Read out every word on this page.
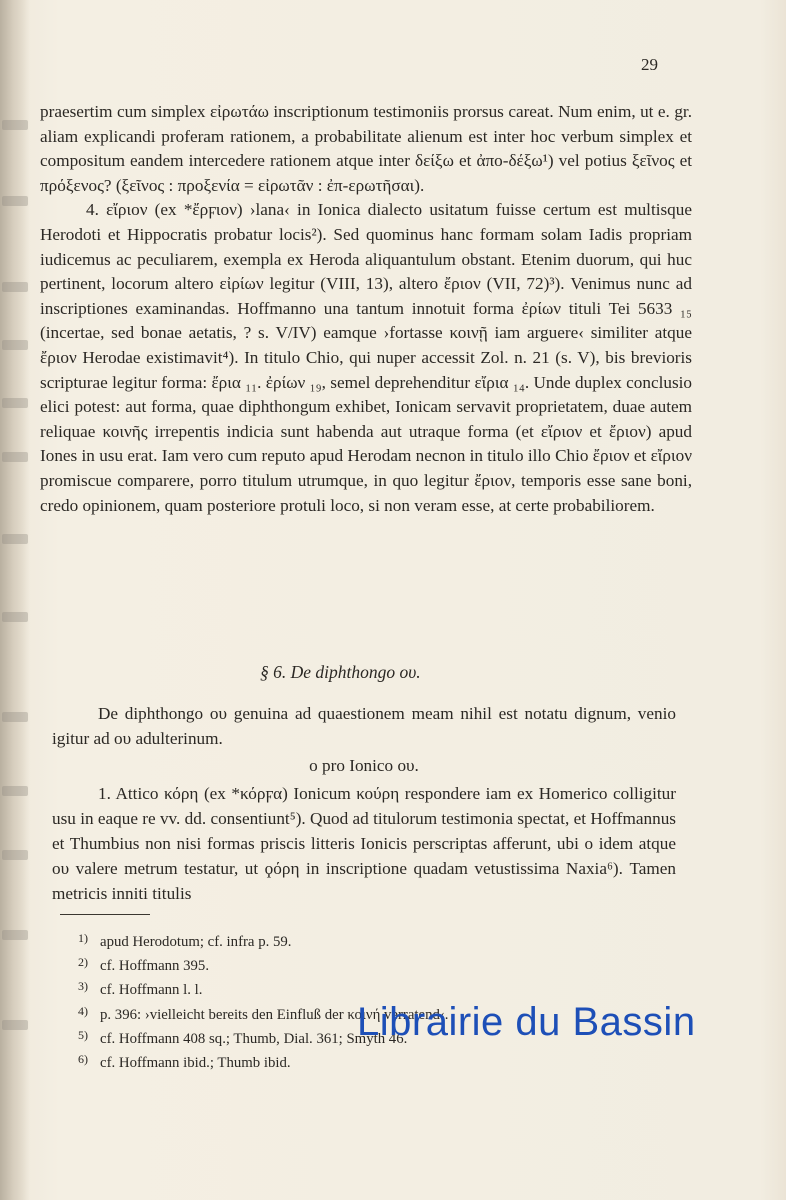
29

praesertim cum simplex εἰρωτάω inscriptionum testimoniis prorsus careat. Num enim, ut e. gr. aliam explicandi proferam rationem, a probabilitate alienum est inter hoc verbum simplex et compositum eandem intercedere rationem atque inter δείξω et ἀπο-δέξω¹) vel potius ξεῖνος et πρόξενος? (ξεῖνος : προξενία = εἰρωτᾶν : ἐπ-ερωτῆσαι).

4. εἴριον (ex *ἔρϝιον) ›lana‹ in Ionica dialecto usitatum fuisse certum est multisque Herodoti et Hippocratis probatur locis²). Sed quominus hanc formam solam Iadis propriam iudicemus ac peculiarem, exempla ex Heroda aliquantulum obstant. Etenim duorum, qui huc pertinent, locorum altero εἰρίων legitur (VIII, 13), altero ἔριον (VII, 72)³). Venimus nunc ad inscriptiones examinandas. Hoffmanno una tantum innotuit forma ἐρίων tituli Tei 5633 ₁₅ (incertae, sed bonae aetatis, ? s. V/IV) eamque ›fortasse κοινῇ iam arguere‹ similiter atque ἔριον Herodae existimavit⁴). In titulo Chio, qui nuper accessit Zol. n. 21 (s. V), bis brevioris scripturae legitur forma: ἔρια ₁₁. ἐρίων ₁₉, semel deprehenditur εἴρια ₁₄. Unde duplex conclusio elici potest: aut forma, quae diphthongum exhibet, Ionicam servavit proprietatem, duae autem reliquae κοινῆς irrepentis indicia sunt habenda aut utraque forma (et εἴριον et ἔριον) apud Iones in usu erat. Iam vero cum reputo apud Herodam necnon in titulo illo Chio ἔριον et εἴριον promiscue comparere, porro titulum utrumque, in quo legitur ἔριον, temporis esse sane boni, credo opinionem, quam posteriore protuli loco, si non veram esse, at certe probabiliorem.

§ 6. De diphthongo ου.

De diphthongo ου genuina ad quaestionem meam nihil est notatu dignum, venio igitur ad ου adulterinum.

ο pro Ionico ου.

1. Attico κόρη (ex *κόρϝα) Ionicum κούρη respondere iam ex Homerico colligitur usu in eaque re vv. dd. consentiunt⁵). Quod ad titulorum testimonia spectat, et Hoffmannus et Thumbius non nisi formas priscis litteris Ionicis perscriptas afferunt, ubi ο idem atque ου valere metrum testatur, ut ϙόρη in inscriptione quadam vetustissima Naxia⁶). Tamen metricis inniti titulis

1) apud Herodotum; cf. infra p. 59.
2) cf. Hoffmann 395.
3) cf. Hoffmann l. l.
4) p. 396: ›vielleicht bereits den Einfluß der κοινή verratend‹.
5) cf. Hoffmann 408 sq.; Thumb, Dial. 361; Smyth 46.
6) cf. Hoffmann ibid.; Thumb ibid.
Librairie du Bassin
